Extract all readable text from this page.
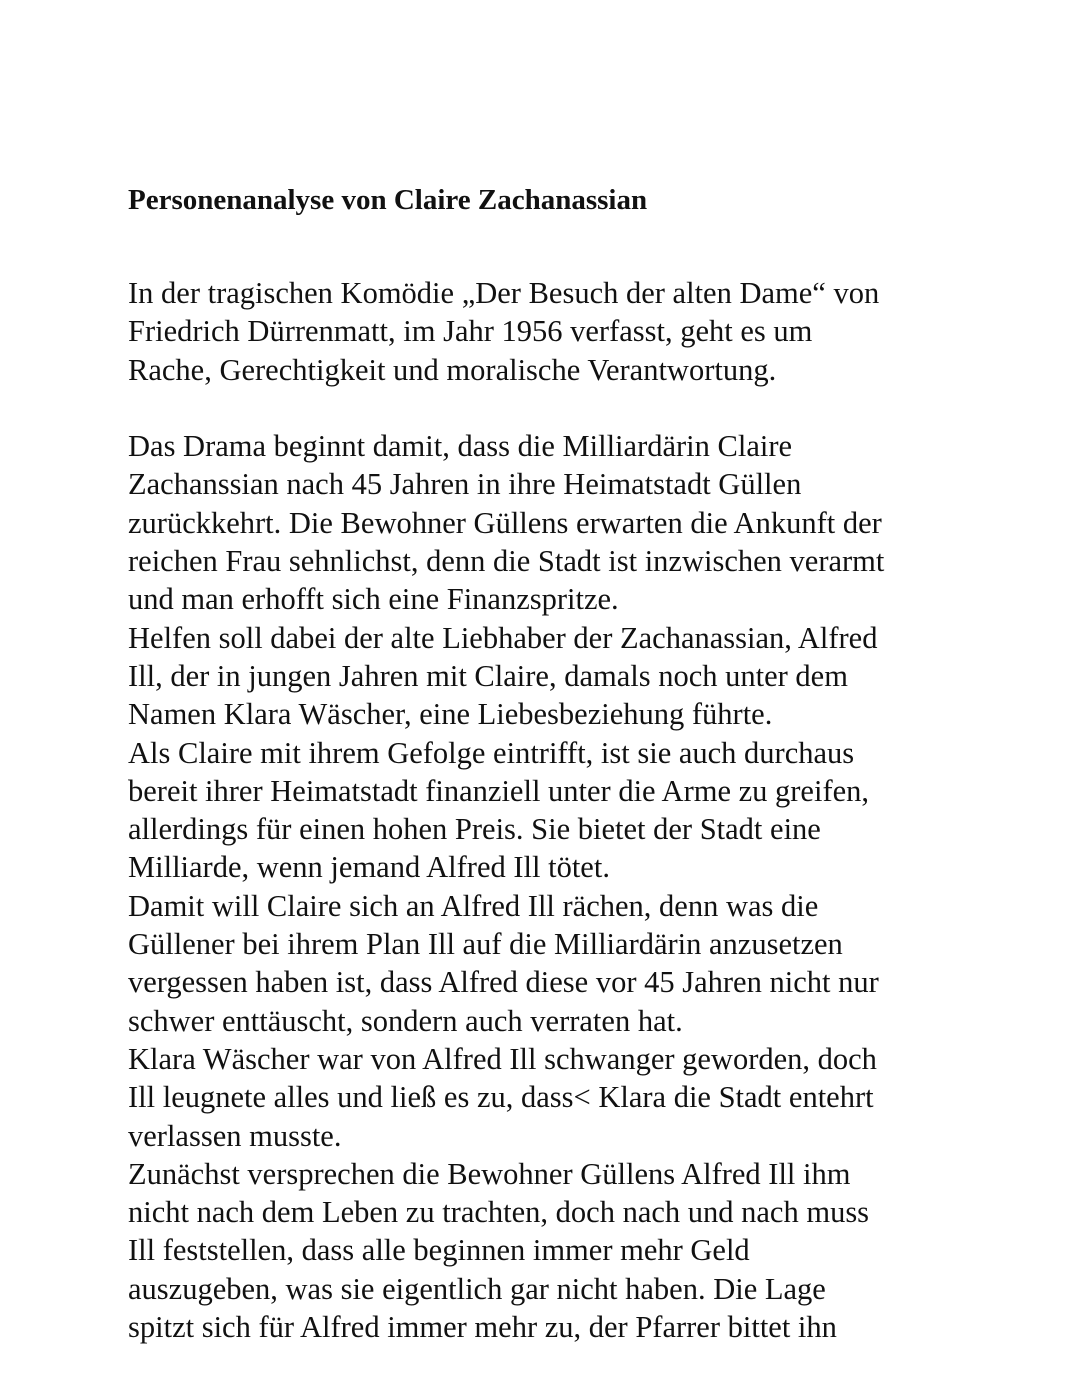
Personenanalyse von Claire Zachanassian

In der tragischen Komödie „Der Besuch der alten Dame“ von
Friedrich Dürrenmatt, im Jahr 1956 verfasst, geht es um
Rache, Gerechtigkeit und moralische Verantwortung.

Das Drama beginnt damit, dass die Milliardärin Claire
Zachanssian nach 45 Jahren in ihre Heimatstadt Güllen
zurückkehrt. Die Bewohner Güllens erwarten die Ankunft der
reichen Frau sehnlichst, denn die Stadt ist inzwischen verarmt
und man erhofft sich eine Finanzspritze.
Helfen soll dabei der alte Liebhaber der Zachanassian, Alfred
Ill, der in jungen Jahren mit Claire, damals noch unter dem
Namen Klara Wäscher, eine Liebesbeziehung führte.
Als Claire mit ihrem Gefolge eintrifft, ist sie auch durchaus
bereit ihrer Heimatstadt finanziell unter die Arme zu greifen,
allerdings für einen hohen Preis. Sie bietet der Stadt eine
Milliarde, wenn jemand Alfred Ill tötet.
Damit will Claire sich an Alfred Ill rächen, denn was die
Güllener bei ihrem Plan Ill auf die Milliardärin anzusetzen
vergessen haben ist, dass Alfred diese vor 45 Jahren nicht nur
schwer enttäuscht, sondern auch verraten hat.
Klara Wäscher war von Alfred Ill schwanger geworden, doch
Ill leugnete alles und ließ es zu, dass< Klara die Stadt entehrt
verlassen musste.
Zunächst versprechen die Bewohner Güllens Alfred Ill ihm
nicht nach dem Leben zu trachten, doch nach und nach muss
Ill feststellen, dass alle beginnen immer mehr Geld
auszugeben, was sie eigentlich gar nicht haben. Die Lage
spitzt sich für Alfred immer mehr zu, der Pfarrer bittet ihn
